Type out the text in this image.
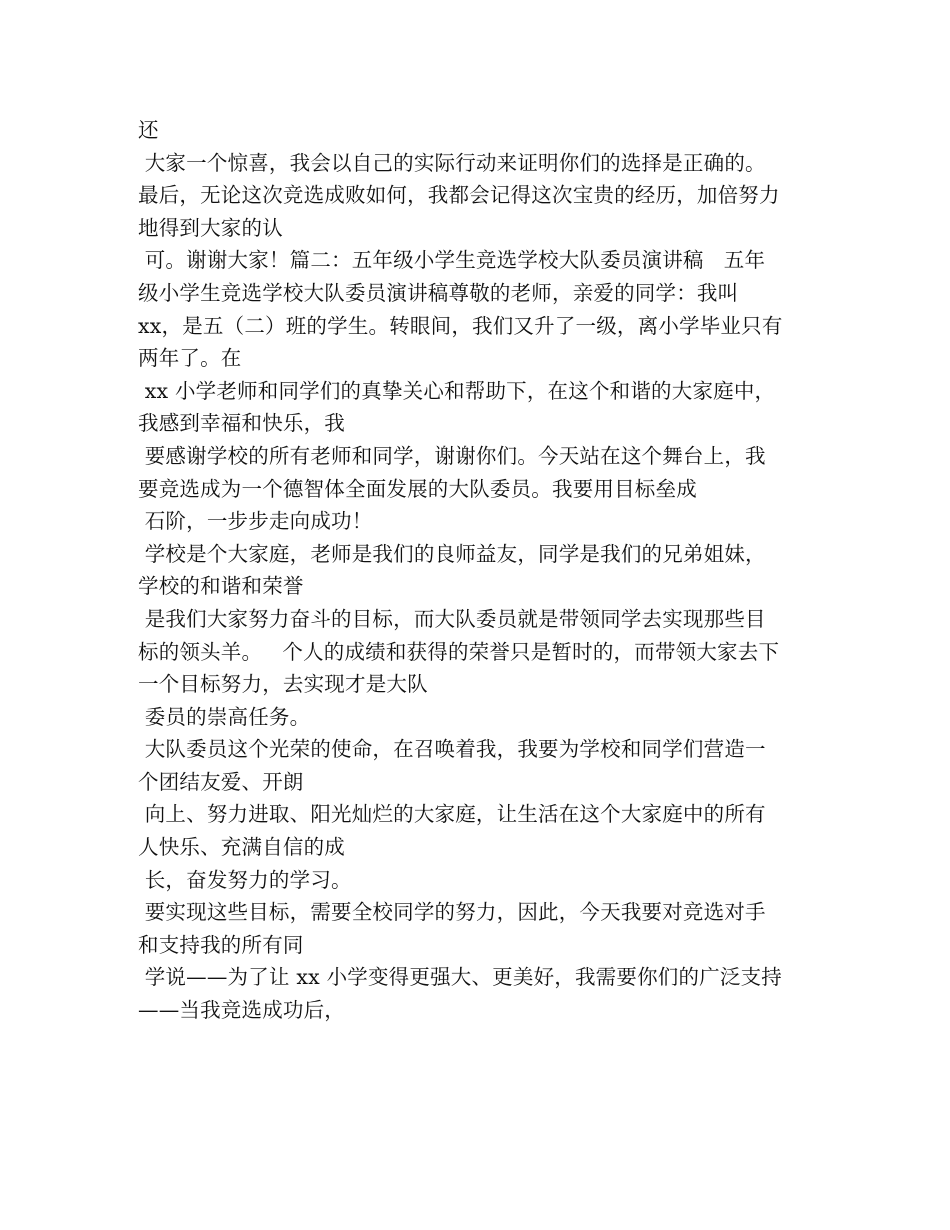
还
大家一个惊喜，我会以自己的实际行动来证明你们的选择是正确的。
最后，无论这次竞选成败如何，我都会记得这次宝贵的经历，加倍努力
地得到大家的认
可。谢谢大家！篇二：五年级小学生竞选学校大队委员演讲稿   五年
级小学生竞选学校大队委员演讲稿尊敬的老师，亲爱的同学：我叫
xx，是五（二）班的学生。转眼间，我们又升了一级，离小学毕业只有
两年了。在
xx 小学老师和同学们的真挚关心和帮助下，在这个和谐的大家庭中，
我感到幸福和快乐，我
要感谢学校的所有老师和同学，谢谢你们。今天站在这个舞台上，我
要竞选成为一个德智体全面发展的大队委员。我要用目标垒成
石阶，一步步走向成功！
学校是个大家庭，老师是我们的良师益友，同学是我们的兄弟姐妹，
学校的和谐和荣誉
是我们大家努力奋斗的目标，而大队委员就是带领同学去实现那些目
标的领头羊。   个人的成绩和获得的荣誉只是暂时的，而带领大家去下
一个目标努力，去实现才是大队
委员的崇高任务。
大队委员这个光荣的使命，在召唤着我，我要为学校和同学们营造一
个团结友爱、开朗
向上、努力进取、阳光灿烂的大家庭，让生活在这个大家庭中的所有
人快乐、充满自信的成
长，奋发努力的学习。
要实现这些目标，需要全校同学的努力，因此，今天我要对竞选对手
和支持我的所有同
学说——为了让 xx 小学变得更强大、更美好，我需要你们的广泛支持
——当我竞选成功后，
